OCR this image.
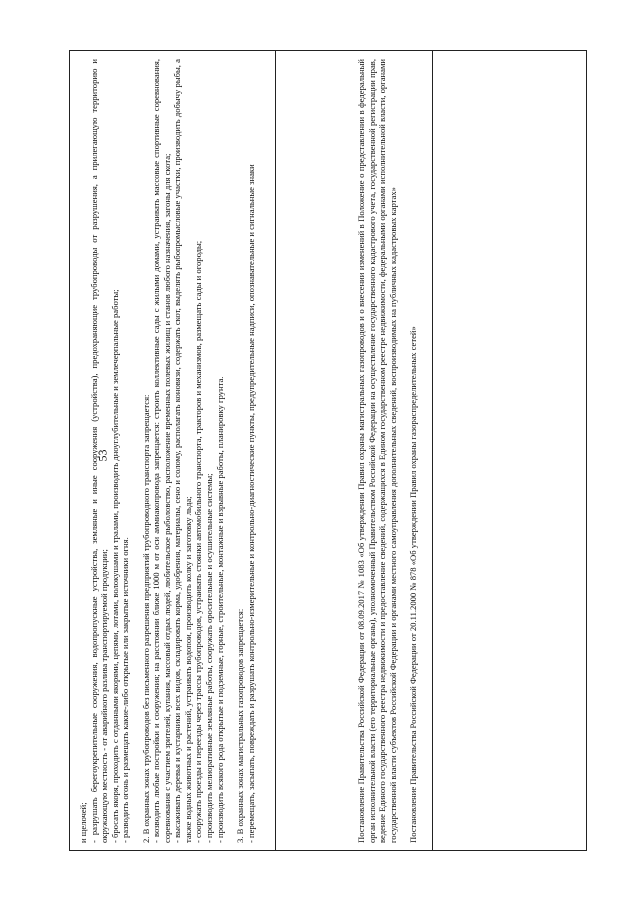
53

и щелочей; - разрушать берегоукрепительные сооружения, водопропускные устройства, земляные и иные сооружения (устройства), предохраняющие трубопроводы от разрушения, а прилегающую территорию и окружающую местность - от аварийного разлива транспортируемой продукции; - бросать якоря, проходить с отданными якорями, цепями, лотами, волокушами и тралами, производить дноуглубительные и землечерпальные работы; - разводить огонь и размещать какие-либо открытые или закрытые источники огня. 2. В охранных зонах трубопроводов без письменного разрешения предприятий трубопроводного транспорта запрещается: - возводить любые постройки и сооружения; на расстоянии ближе 1000 м от оси аммиакопровода запрещается: строить коллективные сады с жилыми домами, устраивать массовые спортивные соревнования, соревнования с участием зрителей, купания, массовый отдых людей, любительское рыболовство, расположение временных полевых жилищ и станов любого назначения, загоны для скота; - высаживать деревья и кустарники всех видов, складировать корма, удобрения, материалы, сено и солому, располагать коновязи, содержать скот, выделять рыбопромысловые участки, производить добычу рыбы, а также водных животных и растений, устраивать водопои, производить колку и заготовку льда; - сооружать проезды и переезды через трассы трубопроводов, устраивать стоянки автомобильного транспорта, тракторов и механизмов, размещать сады и огороды; - производить мелиоративные земляные работы, сооружать оросительные и осушительные системы; - производить всякого рода открытые и подземные, горные, строительные, монтажные и взрывные работы, планировку грунта. 3. В охранных зонах магистральных газопроводов запрещается: - перемещать, засыпать, повреждать и разрушать контрольно-измерительные и контрольно-диагностические пункты, предупредительные надписи, опознавательные и сигнальные знаки	Постановление Правительства Российской Федерации от 08.09.2017 № 1083 «Об утверждении Правил охраны магистральных газопроводов и о внесении изменений в Положение о представлении в федеральный орган исполнительной власти (его территориальные органы), уполномоченный Правительством Российской Федерации на осуществление государственного кадастрового учета, государственной регистрации прав, ведение Единого государственного реестра недвижимости и предоставление сведений, содержащихся в Едином государственном реестре недвижимости, федеральными органами исполнительной власти, органами государственной власти субъектов Российской Федерации и органами местного самоуправления дополнительных сведений, воспроизводимых на публичных кадастровых картах» Постановление Правительства Российской Федерации от 20.11.2000 № 878 «Об утверждении Правил охраны газораспределительных сетей»
